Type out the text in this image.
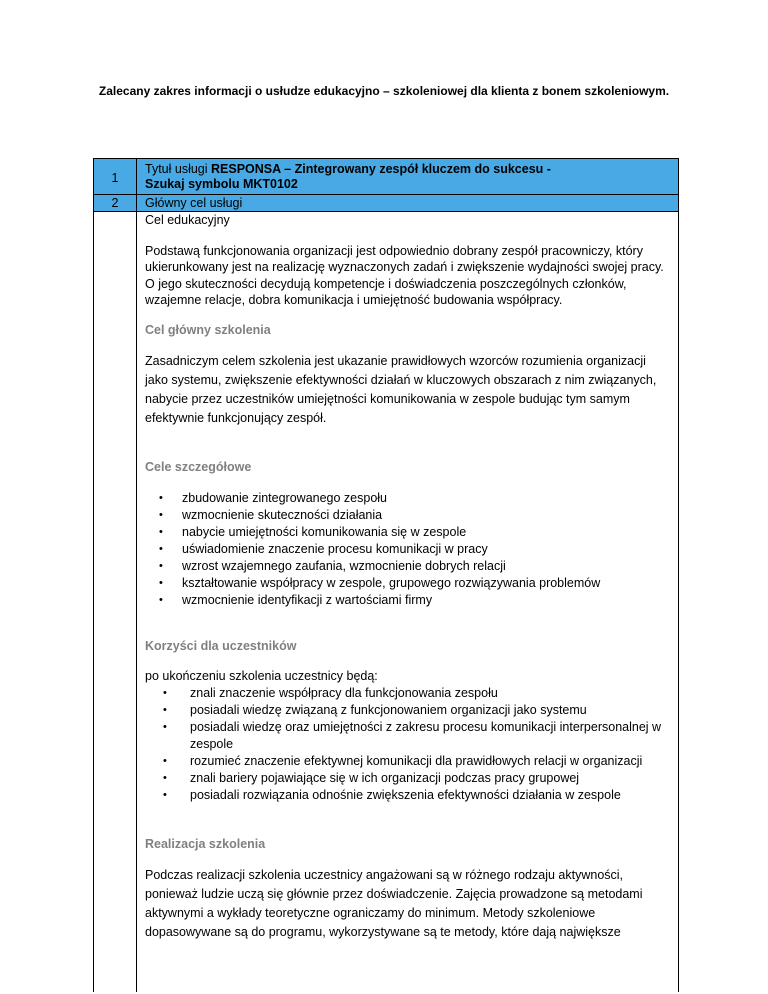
Zalecany zakres informacji o usłudze edukacyjno – szkoleniowej dla klienta z bonem szkoleniowym.
1
Tytuł usługi RESPONSA – Zintegrowany zespół kluczem do sukcesu -
Szukaj symbolu MKT0102
2	Główny cel usługi

Cel edukacyjny

Podstawą funkcjonowania organizacji jest odpowiednio dobrany zespół pracowniczy, który ukierunkowany jest na realizację wyznaczonych zadań i zwiększenie wydajności swojej pracy. O jego skuteczności decydują kompetencje i doświadczenia poszczególnych członków, wzajemne relacje, dobra komunikacja i umiejętność budowania współpracy.

Cel główny szkolenia

Zasadniczym celem szkolenia jest ukazanie prawidłowych wzorców rozumienia organizacji jako systemu, zwiększenie efektywności działań w kluczowych obszarach z nim związanych, nabycie przez uczestników umiejętności komunikowania w zespole budując tym samym efektywnie funkcjonujący zespół.

Cele szczegółowe

• zbudowanie zintegrowanego zespołu
• wzmocnienie skuteczności działania
• nabycie umiejętności komunikowania się w zespole
• uświadomienie znaczenie procesu komunikacji w pracy
• wzrost wzajemnego zaufania, wzmocnienie dobrych relacji
• kształtowanie współpracy w zespole, grupowego rozwiązywania problemów
• wzmocnienie identyfikacji z wartościami firmy

Korzyści dla uczestników

po ukończeniu szkolenia uczestnicy będą:

• znali znaczenie współpracy dla funkcjonowania zespołu
• posiadali wiedzę związaną z funkcjonowaniem organizacji jako systemu
• posiadali wiedzę oraz umiejętności z zakresu procesu komunikacji interpersonalnej w zespole
• rozumieć znaczenie efektywnej komunikacji dla prawidłowych relacji w organizacji
• znali bariery pojawiające się w ich organizacji podczas pracy grupowej
• posiadali rozwiązania odnośnie zwiększenia efektywności działania w zespole

Realizacja szkolenia

Podczas realizacji szkolenia uczestnicy angażowani są w różnego rodzaju aktywności, ponieważ ludzie uczą się głównie przez doświadczenie. Zajęcia prowadzone są metodami aktywnymi a wykłady teoretyczne ograniczamy do minimum. Metody szkoleniowe dopasowywane są do programu, wykorzystywane są te metody, które dają największe
